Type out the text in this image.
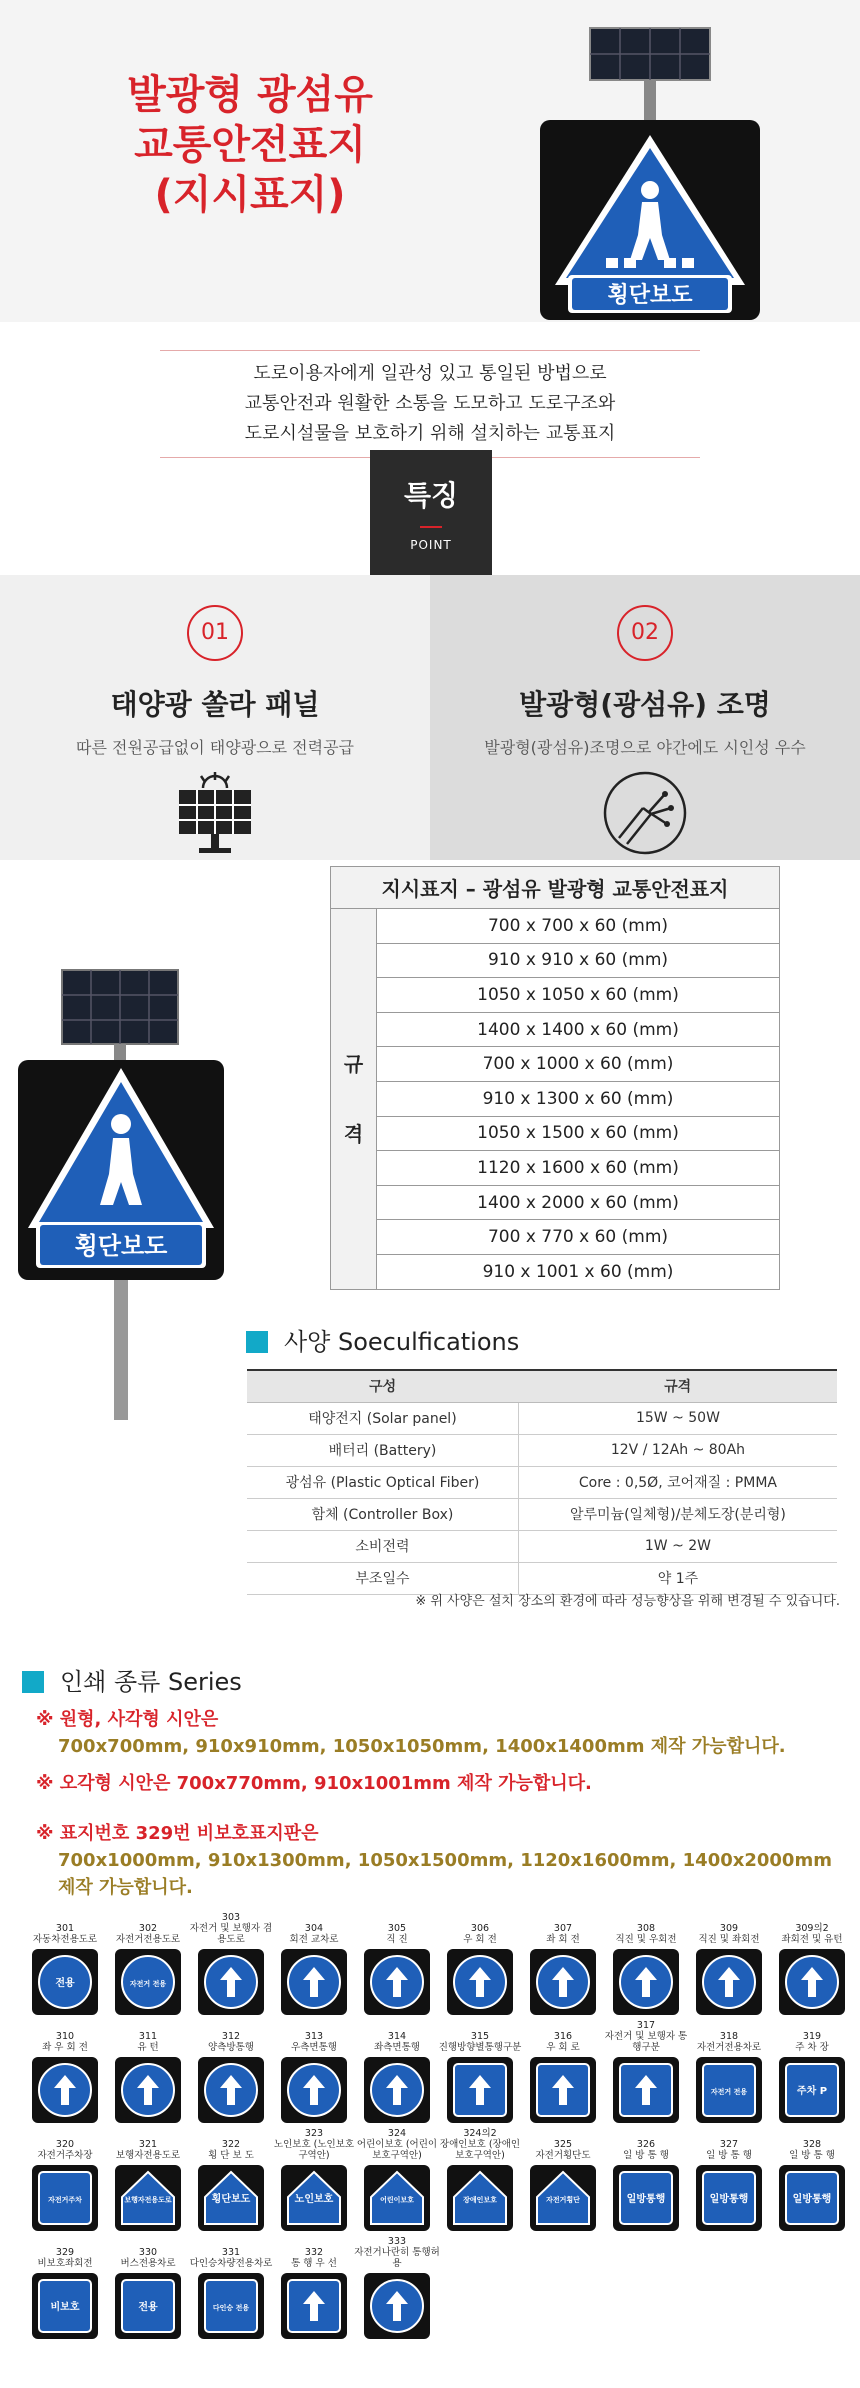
발광형 광섬유
교통안전표지
(지시표지)
횡단보도
도로이용자에게 일관성 있고 통일된 방법으로
교통안전과 원활한 소통을 도모하고 도로구조와
도로시설물을 보호하기 위해 설치하는 교통표지
특징
POINT
01
태양광 쏠라 패널
따른 전원공급없이 태양광으로 전력공급
02
발광형(광섬유) 조명
발광형(광섬유)조명으로 야간에도 시인성 우수
횡단보도
지시표지 – 광섬유 발광형 교통안전표지

규
격
	700 x 700 x 60 (mm)
910 x 910 x 60 (mm)
1050 x 1050 x 60 (mm)
1400 x 1400 x 60 (mm)
700 x 1000 x 60 (mm)
910 x 1300 x 60 (mm)
1050 x 1500 x 60 (mm)
1120 x 1600 x 60 (mm)
1400 x 2000 x 60 (mm)
700 x 770 x 60 (mm)
910 x 1001 x 60 (mm)
사양 Soeculfications
구성	규격
태양전지 (Solar panel)	15W ~ 50W
배터리 (Battery)	12V / 12Ah ~ 80Ah
광섬유 (Plastic Optical Fiber)	Core : 0,5Ø, 코어재질 : PMMA
함체 (Controller Box)	알루미늄(일체형)/분체도장(분리형)
소비전력	1W ~ 2W
부조일수	약 1주
※ 위 사양은 설치 장소의 환경에 따라 성능향상을 위해 변경될 수 있습니다.
인쇄 종류 Series
※ 원형, 사각형 시안은
700x700mm, 910x910mm, 1050x1050mm, 1400x1400mm 제작 가능합니다.
※ 오각형 시안은 700x770mm, 910x1001mm 제작 가능합니다.
※ 표지번호 329번 비보호표지판은
700x1000mm, 910x1300mm, 1050x1500mm, 1120x1600mm, 1400x2000mm
제작 가능합니다.
301
자동차전용도로
전용
302
자전거전용도로
자전거 전용
303
자전거 및 보행자 겸용도로
304
회전 교차로
305
직 진
306
우 회 전
307
좌 회 전
308
직진 및 우회전
309
직진 및 좌회전
309의2
좌회전 및 유턴
310
좌 우 회 전
311
유 턴
312
양측방통행
313
우측면통행
314
좌측면통행
315
진행방향별통행구분
316
우 회 로
317
자전거 및 보행자 통행구분
318
자전거전용차로
자전거 전용
319
주 차 장
주차 P
320
자전거주차장
자전거주차
321
보행자전용도로
보행자전용도로
322
횡 단 보 도
횡단보도
323
노인보호 (노인보호구역안)
노인보호
324
어린이보호 (어린이보호구역안)
어린이보호
324의2
장애인보호 (장애인보호구역안)
장애인보호
325
자전거횡단도
자전거횡단
326
일 방 통 행
일방통행
327
일 방 통 행
일방통행
328
일 방 통 행
일방통행
329
비보호좌회전
비보호
330
버스전용차로
전용
331
다인승차량전용차로
다인승 전용
332
통 행 우 선
333
자전거나란히 통행허용
